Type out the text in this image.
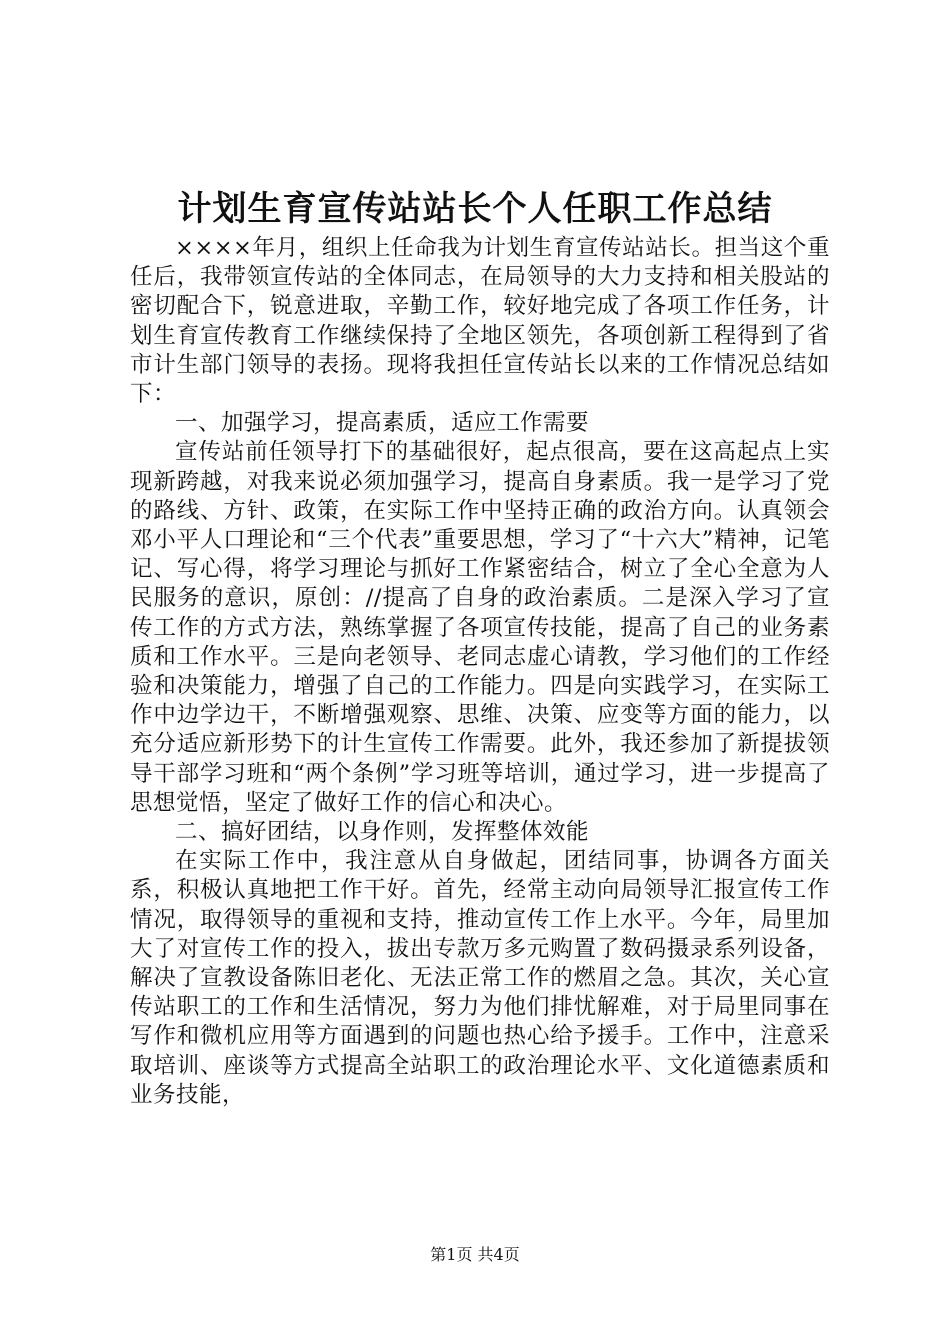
计划生育宣传站站长个人任职工作总结

××××年月，组织上任命我为计划生育宣传站站长。担当这个重任后，我带领宣传站的全体同志，在局领导的大力支持和相关股站的密切配合下，锐意进取，辛勤工作，较好地完成了各项工作任务，计划生育宣传教育工作继续保持了全地区领先，各项创新工程得到了省市计生部门领导的表扬。现将我担任宣传站长以来的工作情况总结如下：

一、加强学习，提高素质，适应工作需要

宣传站前任领导打下的基础很好，起点很高，要在这高起点上实现新跨越，对我来说必须加强学习，提高自身素质。我一是学习了党的路线、方针、政策，在实际工作中坚持正确的政治方向。认真领会邓小平人口理论和“三个代表”重要思想，学习了“十六大”精神，记笔记、写心得，将学习理论与抓好工作紧密结合，树立了全心全意为人民服务的意识，原创：//提高了自身的政治素质。二是深入学习了宣传工作的方式方法，熟练掌握了各项宣传技能，提高了自己的业务素质和工作水平。三是向老领导、老同志虚心请教，学习他们的工作经验和决策能力，增强了自己的工作能力。四是向实践学习，在实际工作中边学边干，不断增强观察、思维、决策、应变等方面的能力，以充分适应新形势下的计生宣传工作需要。此外，我还参加了新提拔领导干部学习班和“两个条例”学习班等培训，通过学习，进一步提高了思想觉悟，坚定了做好工作的信心和决心。

二、搞好团结，以身作则，发挥整体效能

在实际工作中，我注意从自身做起，团结同事，协调各方面关系，积极认真地把工作干好。首先，经常主动向局领导汇报宣传工作情况，取得领导的重视和支持，推动宣传工作上水平。今年，局里加大了对宣传工作的投入，拔出专款万多元购置了数码摄录系列设备，解决了宣教设备陈旧老化、无法正常工作的燃眉之急。其次，关心宣传站职工的工作和生活情况，努力为他们排忧解难，对于局里同事在写作和微机应用等方面遇到的问题也热心给予援手。工作中，注意采取培训、座谈等方式提高全站职工的政治理论水平、文化道德素质和业务技能，

第1页 共4页
